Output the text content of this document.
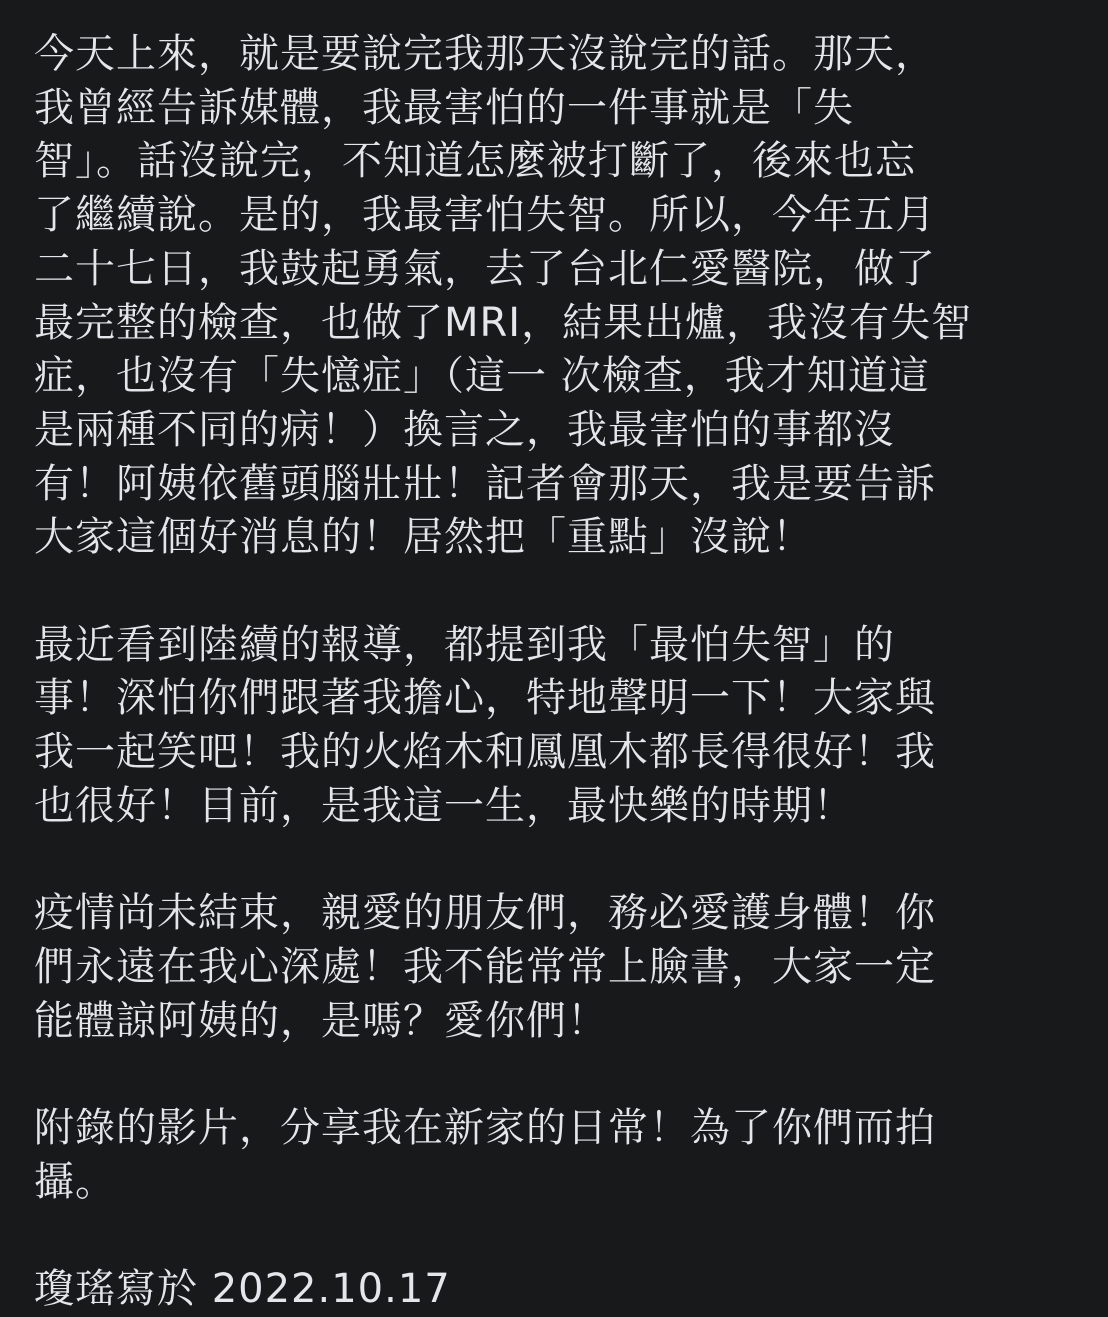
今天上來，就是要說完我那天沒說完的話。那天，
我曾經告訴媒體，我最害怕的一件事就是「失
智」。話沒說完，不知道怎麼被打斷了，後來也忘
了繼續說。是的，我最害怕失智。所以，今年五月
二十七日，我鼓起勇氣，去了台北仁愛醫院，做了
最完整的檢查，也做了MRI，結果出爐，我沒有失智
症，也沒有「失憶症」（這一 次檢查，我才知道這
是兩種不同的病！）換言之，我最害怕的事都沒
有！阿姨依舊頭腦壯壯！記者會那天，我是要告訴
大家這個好消息的！居然把「重點」沒說！
最近看到陸續的報導，都提到我「最怕失智」的
事！深怕你們跟著我擔心，特地聲明一下！大家與
我一起笑吧！我的火焰木和鳳凰木都長得很好！我
也很好！目前，是我這一生，最快樂的時期！
疫情尚未結束，親愛的朋友們，務必愛護身體！你
們永遠在我心深處！我不能常常上臉書，大家一定
能體諒阿姨的，是嗎？愛你們！
附錄的影片，分享我在新家的日常！為了你們而拍
攝。
瓊瑤寫於 2022.10.17
